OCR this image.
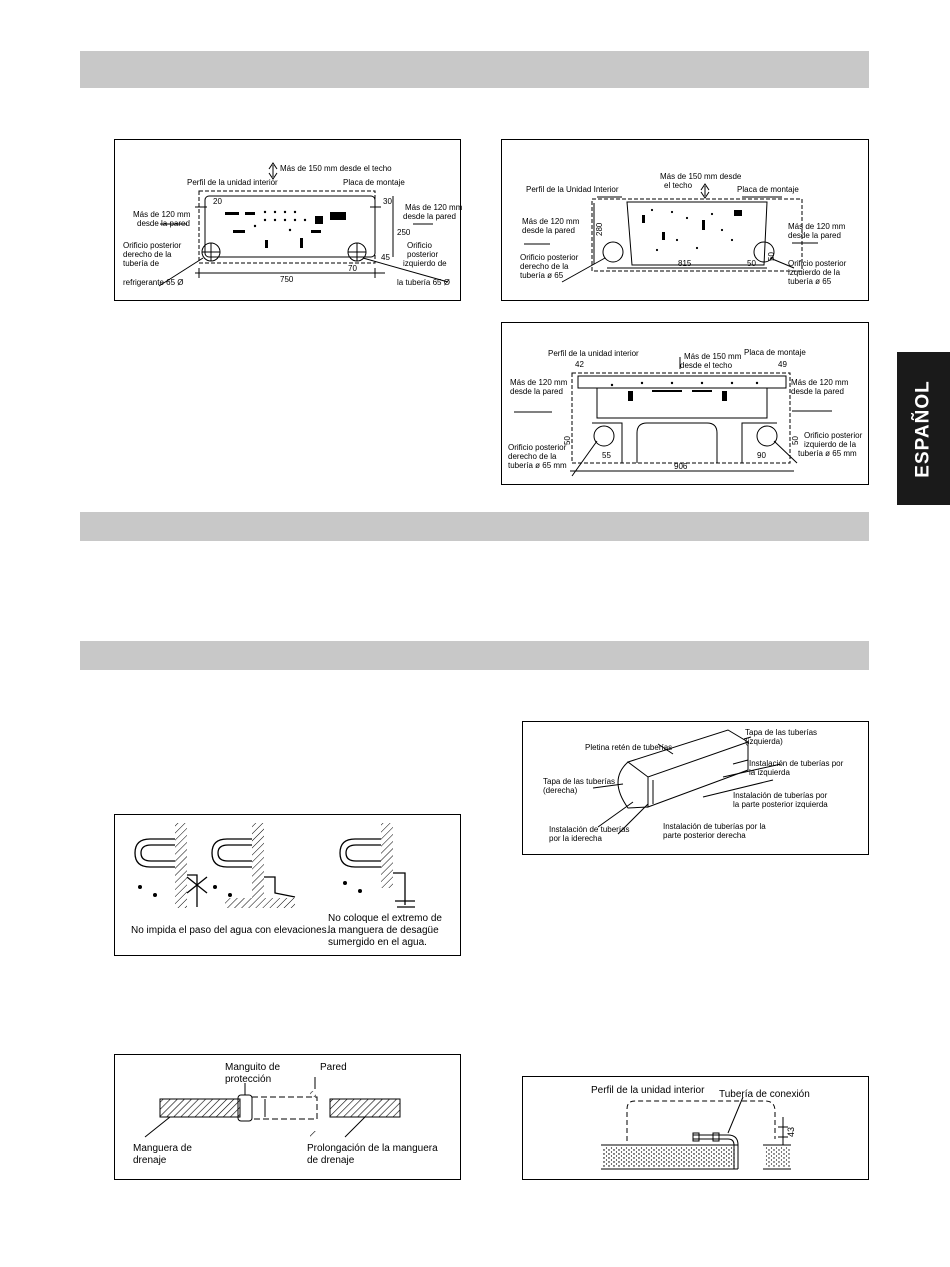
ESPAÑOL
Más de 150 mm desde el techo
Perfil de la unidad interior	Placa de montaje
Más de 120 mm
desde la pared
Más de 120 mm
desde la pared
Orificio posterior
derecho de la
tubería de
refrigerante 65 Ø
Orificio
posterior
izquierdo de
la tubería 65 Ø
20	30
250
45
70
750
Más de 150 mm desde
el techo
Perfil de la Unidad Interior	Placa de montaje
Más de 120 mm
desde la pared	Más de 120 mm
desde la pared
Orificio posterior
derecho de la
tubería ø 65
Orificio posterior
izquierdo de la
tubería ø 65
280
815	50
50
Perfil de la unidad interior	Más de 150 mm
desde el techo
Placa de montaje
Más de 120 mm
desde la pared
Más de 120 mm
desde la pared
Orificio posterior
derecho de la
tubería ø 65 mm
Orificio posterior
izquierdo de la
tubería ø 65 mm
42	49
50	50
55	90
906
Pletina retén de tuberías
Tapa de las tuberías
(izquierda)
Instalación de tuberías por
la izquierda
Tapa de las tuberías
(derecha)
Instalación de tuberías por
la parte posterior izquierda
Instalación de tuberías
por la iderecha
Instalación de tuberías por la
parte posterior derecha
No impida el paso del agua con elevaciones.
No coloque el extremo de
la manguera de desagüe
sumergido en el agua.
Manguito de
protección
Pared
Manguera de
drenaje
Prolongación de la manguera
de drenaje
Perfil de la unidad interior Tubería de conexión
43
